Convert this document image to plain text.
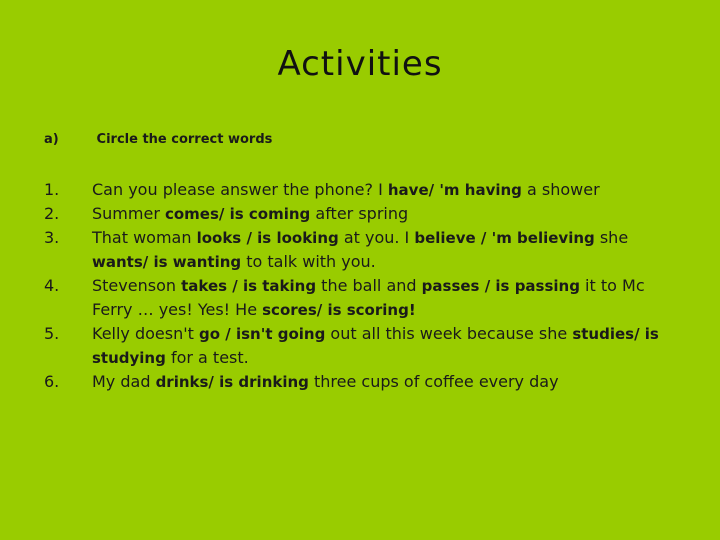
Activities
a)	Circle the correct words
1.	Can you please answer the phone? I have/ 'm having a shower
2.	Summer comes/ is coming after spring
3.	That woman looks / is looking at you. I believe / 'm believing she wants/ is wanting to talk with you.
4.	Stevenson takes / is taking the ball and passes / is passing it to Mc Ferry … yes! Yes! He scores/ is scoring!
5.	Kelly doesn't go / isn't going out all this week because she studies/ is studying for a test.
6.	My dad drinks/ is drinking three cups of coffee every day
